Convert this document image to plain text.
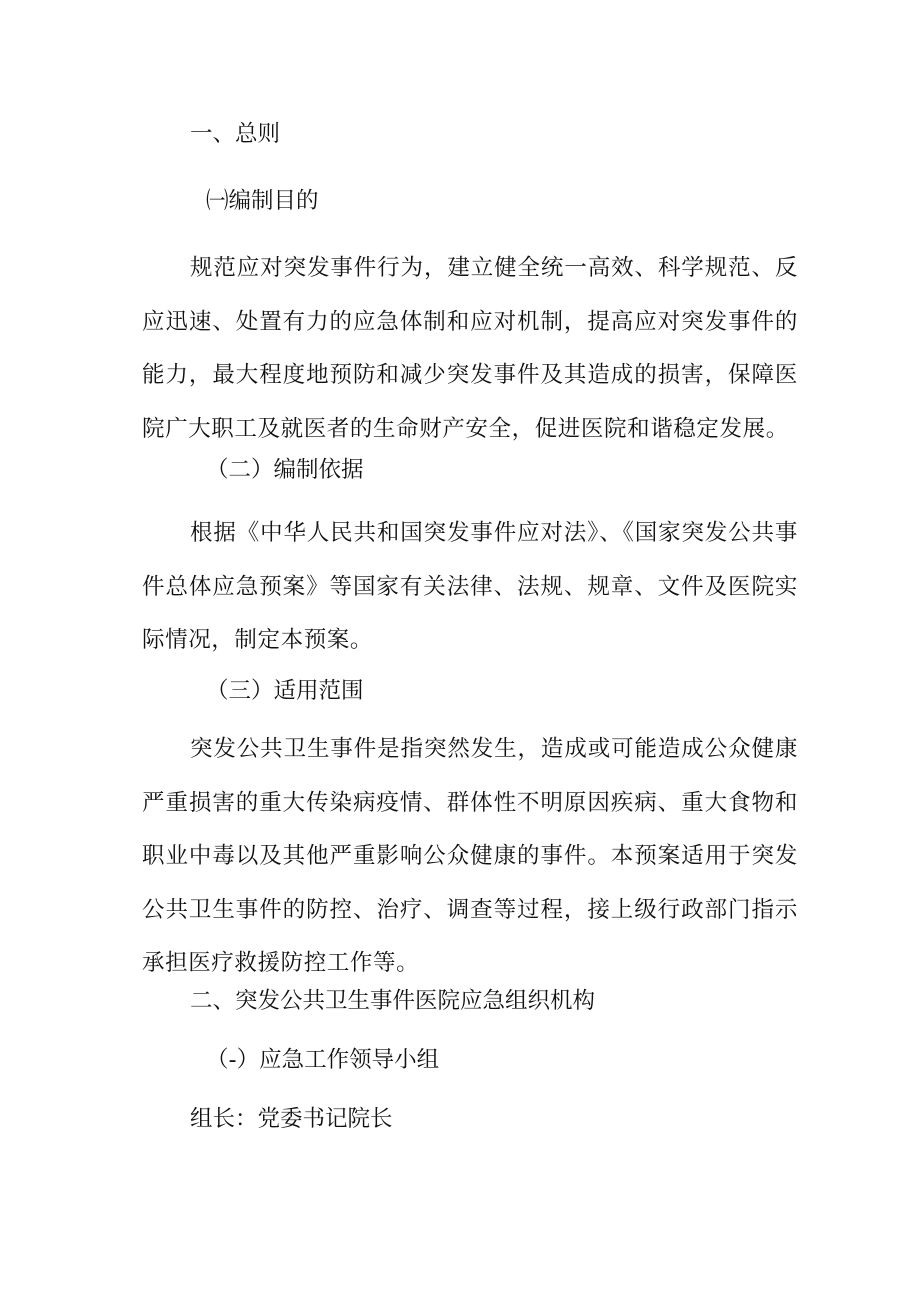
一、总则
㈠编制目的

规范应对突发事件行为，建立健全统一高效、科学规范、反应迅速、处置有力的应急体制和应对机制，提高应对突发事件的能力，最大程度地预防和减少突发事件及其造成的损害，保障医院广大职工及就医者的生命财产安全，促进医院和谐稳定发展。

（二）编制依据

根据《中华人民共和国突发事件应对法》、《国家突发公共事件总体应急预案》等国家有关法律、法规、规章、文件及医院实际情况，制定本预案。

（三）适用范围

突发公共卫生事件是指突然发生，造成或可能造成公众健康严重损害的重大传染病疫情、群体性不明原因疾病、重大食物和职业中毒以及其他严重影响公众健康的事件。本预案适用于突发公共卫生事件的防控、治疗、调查等过程，接上级行政部门指示承担医疗救援防控工作等。

二、突发公共卫生事件医院应急组织机构
（-）应急工作领导小组

组长：党委书记院长
